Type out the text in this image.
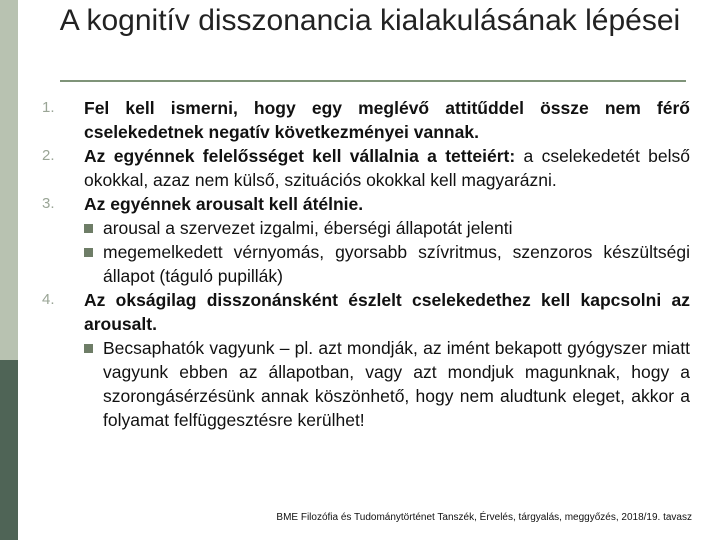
A kognitív disszonancia kialakulásának lépései
1. Fel kell ismerni, hogy egy meglévő attitűddel össze nem férő cselekedetnek negatív következményei vannak.
2. Az egyénnek felelősséget kell vállalnia a tetteiért: a cselekedetét belső okokkal, azaz nem külső, szituációs okokkal kell magyarázni.
3. Az egyénnek arousalt kell átélnie.
arousal a szervezet izgalmi, éberségi állapotát jelenti
megemelkedett vérnyomás, gyorsabb szívritmus, szenzoros készültségi állapot (táguló pupillák)
4. Az okságilag disszonánsként észlelt cselekedethez kell kapcsolni az arousalt.
Becsaphatók vagyunk – pl. azt mondják, az imént bekapott gyógyszer miatt vagyunk ebben az állapotban, vagy azt mondjuk magunknak, hogy a szorongásérzésünk annak köszönhető, hogy nem aludtunk eleget, akkor a folyamat felfüggesztésre kerülhet!
BME Filozófia és Tudománytörténet Tanszék, Érvelés, tárgyalás, meggyőzés, 2018/19. tavasz
